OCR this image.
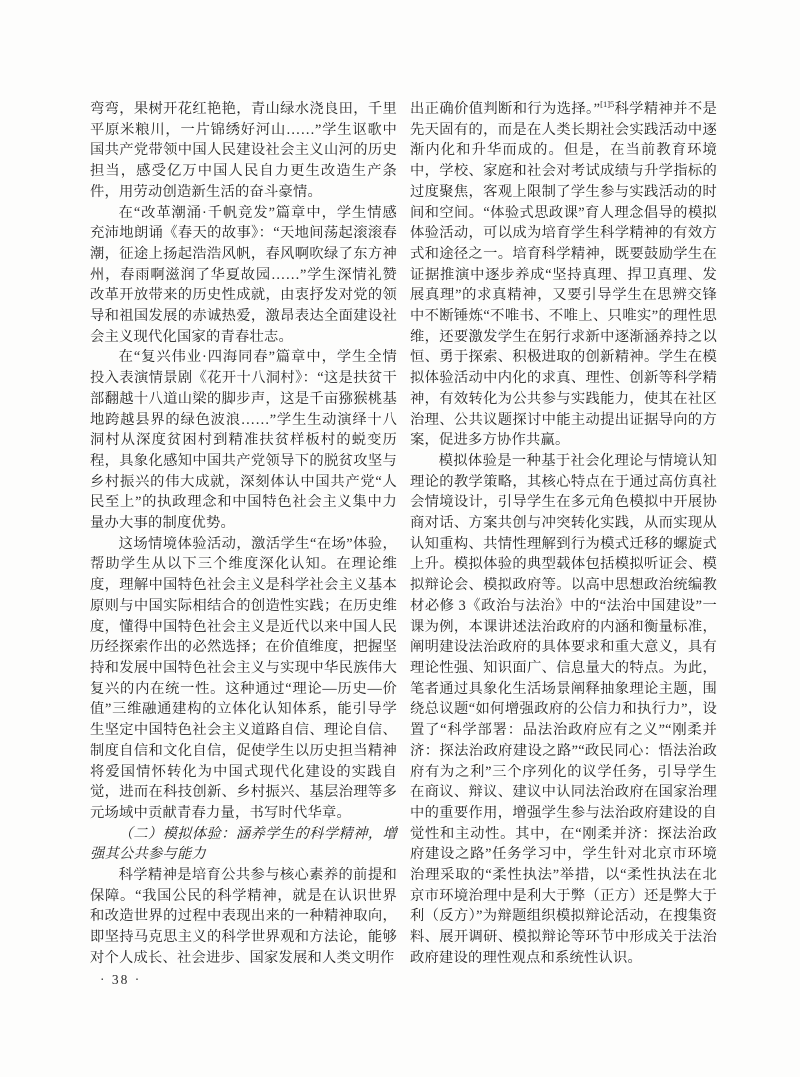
弯弯，果树开花红艳艳，青山绿水浇良田，千里平原米粮川，一片锦绣好河山……”学生讴歌中国共产党带领中国人民建设社会主义山河的历史担当，感受亿万中国人民自力更生改造生产条件，用劳动创造新生活的奋斗豪情。

在“改革潮涌·千帆竞发”篇章中，学生情感充沛地朗诵《春天的故事》：“天地间荡起滚滚春潮，征途上扬起浩浩风帆，春风啊吹绿了东方神州，春雨啊滋润了华夏故园……”学生深情礼赞改革开放带来的历史性成就，由衷抒发对党的领导和祖国发展的赤诚热爱，激昂表达全面建设社会主义现代化国家的青春壮志。

在“复兴伟业·四海同春”篇章中，学生全情投入表演情景剧《花开十八洞村》：“这是扶贫干部翻越十八道山梁的脚步声，这是千亩猕猴桃基地跨越县界的绿色波浪……”学生生动演绎十八洞村从深度贫困村到精准扶贫样板村的蜕变历程，具象化感知中国共产党领导下的脱贫攻坚与乡村振兴的伟大成就，深刻体认中国共产党“人民至上”的执政理念和中国特色社会主义集中力量办大事的制度优势。

这场情境体验活动，激活学生“在场”体验，帮助学生从以下三个维度深化认知。在理论维度，理解中国特色社会主义是科学社会主义基本原则与中国实际相结合的创造性实践；在历史维度，懂得中国特色社会主义是近代以来中国人民历经探索作出的必然选择；在价值维度，把握坚持和发展中国特色社会主义与实现中华民族伟大复兴的内在统一性。这种通过“理论—历史—价值”三维融通建构的立体化认知体系，能引导学生坚定中国特色社会主义道路自信、理论自信、制度自信和文化自信，促使学生以历史担当精神将爱国情怀转化为中国式现代化建设的实践自觉，进而在科技创新、乡村振兴、基层治理等多元场域中贡献青春力量，书写时代华章。

（二）模拟体验：涵养学生的科学精神，增强其公共参与能力

科学精神是培育公共参与核心素养的前提和保障。“我国公民的科学精神，就是在认识世界和改造世界的过程中表现出来的一种精神取向，即坚持马克思主义的科学世界观和方法论，能够对个人成长、社会进步、国家发展和人类文明作

出正确价值判断和行为选择。”$^{[1]5}$科学精神并不是先天固有的，而是在人类长期社会实践活动中逐渐内化和升华而成的。但是，在当前教育环境中，学校、家庭和社会对考试成绩与升学指标的过度聚焦，客观上限制了学生参与实践活动的时间和空间。“体验式思政课”育人理念倡导的模拟体验活动，可以成为培育学生科学精神的有效方式和途径之一。培育科学精神，既要鼓励学生在证据推演中逐步养成“坚持真理、捍卫真理、发展真理”的求真精神，又要引导学生在思辨交锋中不断锤炼“不唯书、不唯上、只唯实”的理性思维，还要激发学生在躬行求新中逐渐涵养持之以恒、勇于探索、积极进取的创新精神。学生在模拟体验活动中内化的求真、理性、创新等科学精神，有效转化为公共参与实践能力，使其在社区治理、公共议题探讨中能主动提出证据导向的方案，促进多方协作共赢。

模拟体验是一种基于社会化理论与情境认知理论的教学策略，其核心特点在于通过高仿真社会情境设计，引导学生在多元角色模拟中开展协商对话、方案共创与冲突转化实践，从而实现从认知重构、共情性理解到行为模式迁移的螺旋式上升。模拟体验的典型载体包括模拟听证会、模拟辩论会、模拟政府等。以高中思想政治统编教材必修 3《政治与法治》中的“法治中国建设”一课为例，本课讲述法治政府的内涵和衡量标准，阐明建设法治政府的具体要求和重大意义，具有理论性强、知识面广、信息量大的特点。为此，笔者通过具象化生活场景阐释抽象理论主题，围绕总议题“如何增强政府的公信力和执行力”，设置了“科学部署：品法治政府应有之义”“刚柔并济：探法治政府建设之路”“政民同心：悟法治政府有为之利”三个序列化的议学任务，引导学生在商议、辩议、建议中认同法治政府在国家治理中的重要作用，增强学生参与法治政府建设的自觉性和主动性。其中，在“刚柔并济：探法治政府建设之路”任务学习中，学生针对北京市环境治理采取的“柔性执法”举措，以“柔性执法在北京市环境治理中是利大于弊（正方）还是弊大于利（反方）”为辩题组织模拟辩论活动，在搜集资料、展开调研、模拟辩论等环节中形成关于法治政府建设的理性观点和系统性认识。

· 38 ·
